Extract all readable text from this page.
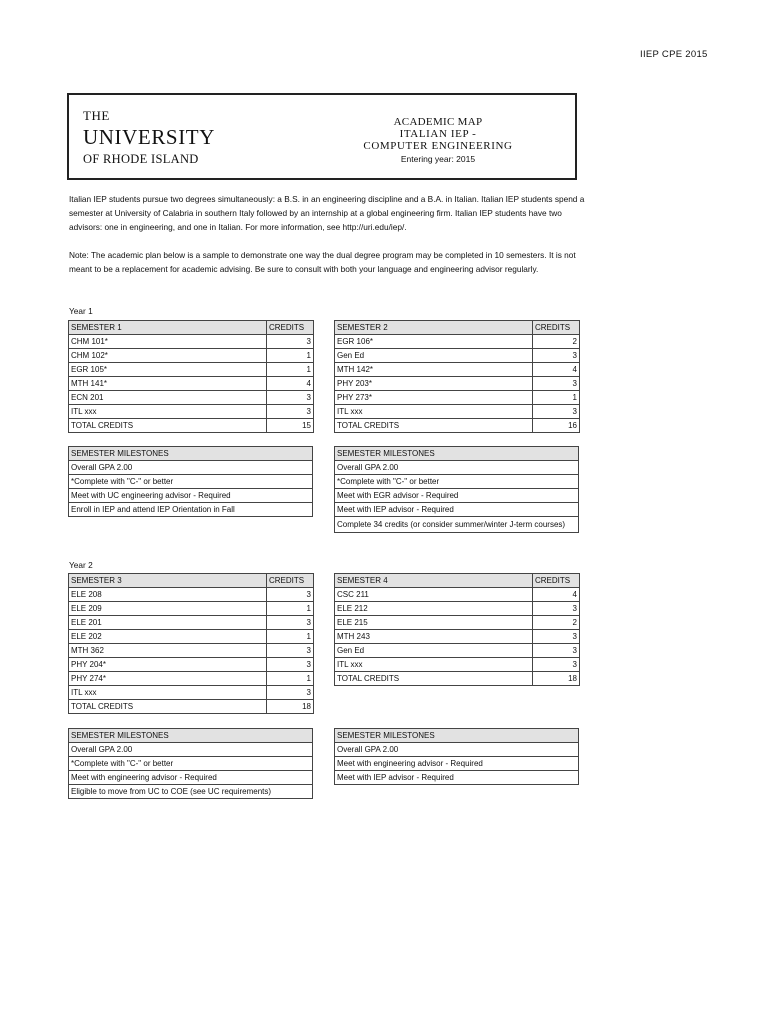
IIEP CPE 2015
THE
UNIVERSITY
OF RHODE ISLAND
ACADEMIC MAP
ITALIAN IEP -
COMPUTER ENGINEERING
Entering year: 2015
Italian IEP students pursue two degrees simultaneously: a B.S. in an engineering discipline and a B.A. in Italian. Italian IEP students spend a semester at University of Calabria in southern Italy followed by an internship at a global engineering firm. Italian IEP students have two advisors: one in engineering, and one in Italian. For more information, see http://uri.edu/iep/.
Note: The academic plan below is a sample to demonstrate one way the dual degree program may be completed in 10 semesters. It is not meant to be a replacement for academic advising. Be sure to consult with both your language and engineering advisor regularly.
Year 1
SEMESTER 1	CREDITS
CHM 101*	3
CHM 102*	1
EGR 105*	1
MTH 141*	4
ECN 201	3
ITL xxx	3
TOTAL CREDITS	15
SEMESTER 2	CREDITS
EGR 106*	2
Gen Ed	3
MTH 142*	4
PHY 203*	3
PHY 273*	1
ITL xxx	3
TOTAL CREDITS	16
SEMESTER MILESTONES
Overall GPA 2.00
*Complete with "C-" or better
Meet with UC engineering advisor - Required
Enroll in IEP and attend IEP Orientation in Fall
SEMESTER MILESTONES
Overall GPA 2.00
*Complete with "C-" or better
Meet with EGR advisor - Required
Meet with IEP advisor - Required
Complete 34 credits (or consider summer/winter J-term courses)
Year 2
SEMESTER 3	CREDITS
ELE 208	3
ELE 209	1
ELE 201	3
ELE 202	1
MTH 362	3
PHY 204*	3
PHY 274*	1
ITL xxx	3
TOTAL CREDITS	18
SEMESTER 4	CREDITS
CSC 211	4
ELE 212	3
ELE 215	2
MTH 243	3
Gen Ed	3
ITL xxx	3
TOTAL CREDITS	18
SEMESTER MILESTONES
Overall GPA 2.00
*Complete with "C-" or better
Meet with engineering advisor - Required
Eligible to move from UC to COE (see UC requirements)
SEMESTER MILESTONES
Overall GPA 2.00
Meet with engineering advisor - Required
Meet with IEP advisor - Required
